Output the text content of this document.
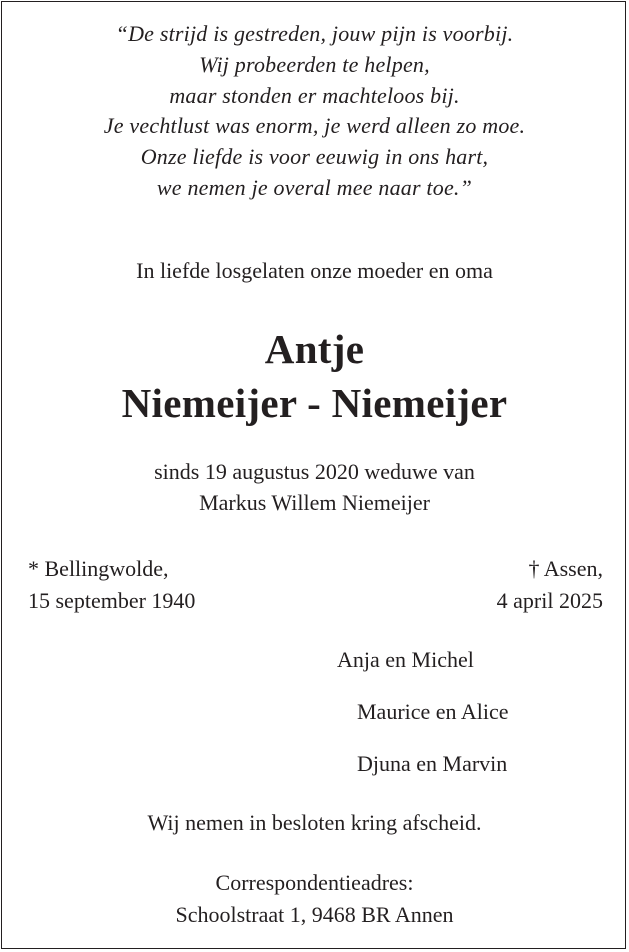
“De strijd is gestreden, jouw pijn is voorbij.
Wij probeerden te helpen,
maar stonden er machteloos bij.
Je vechtlust was enorm, je werd alleen zo moe.
Onze liefde is voor eeuwig in ons hart,
we nemen je overal mee naar toe.”
In liefde losgelaten onze moeder en oma
Antje
Niemeijer - Niemeijer
sinds 19 augustus 2020 weduwe van
Markus Willem Niemeijer
* Bellingwolde,
15 september 1940
† Assen,
4 april 2025
Anja en Michel
Maurice en Alice
Djuna en Marvin
Wij nemen in besloten kring afscheid.
Correspondentieadres:
Schoolstraat 1, 9468 BR Annen
